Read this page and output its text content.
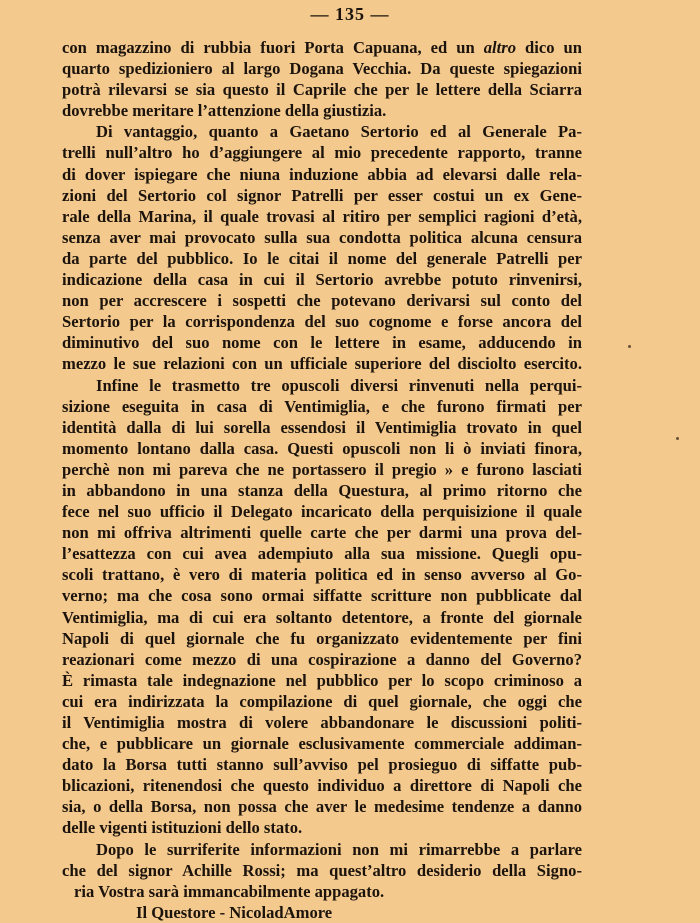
— 135 —
con magazzino di rubbia fuori Porta Capuana, ed un altro dico un
quarto spedizioniero al largo Dogana Vecchia. Da queste spiegazioni
potrà rilevarsi se sia questo il Caprile che per le lettere della Sciarra
dovrebbe meritare l’attenzione della giustizia.
Di vantaggio, quanto a Gaetano Sertorio ed al Generale Pa-
trelli null’altro ho d’aggiungere al mio precedente rapporto, tranne
di dover ispiegare che niuna induzione abbia ad elevarsi dalle rela-
zioni del Sertorio col signor Patrelli per esser costui un ex Gene-
rale della Marina, il quale trovasi al ritiro per semplici ragioni d’età,
senza aver mai provocato sulla sua condotta politica alcuna censura
da parte del pubblico. Io le citai il nome del generale Patrelli per
indicazione della casa in cui il Sertorio avrebbe potuto rinvenirsi,
non per accrescere i sospetti che potevano derivarsi sul conto del
Sertorio per la corrispondenza del suo cognome e forse ancora del
diminutivo del suo nome con le lettere in esame, adducendo in
mezzo le sue relazioni con un ufficiale superiore del disciolto esercito.
Infine le trasmetto tre opuscoli diversi rinvenuti nella perqui-
sizione eseguita in casa di Ventimiglia, e che furono firmati per
identità dalla di lui sorella essendosi il Ventimiglia trovato in quel
momento lontano dalla casa. Questi opuscoli non li ò inviati finora,
perchè non mi pareva che ne portassero il pregio » e furono lasciati
in abbandono in una stanza della Questura, al primo ritorno che
fece nel suo ufficio il Delegato incaricato della perquisizione il quale
non mi offriva altrimenti quelle carte che per darmi una prova del-
l’esattezza con cui avea adempiuto alla sua missione. Quegli opu-
scoli trattano, è vero di materia politica ed in senso avverso al Go-
verno; ma che cosa sono ormai siffatte scritture non pubblicate dal
Ventimiglia, ma di cui era soltanto detentore, a fronte del giornale
Napoli di quel giornale che fu organizzato evidentemente per fini
reazionari come mezzo di una cospirazione a danno del Governo?
È rimasta tale indegnazione nel pubblico per lo scopo criminoso a
cui era indirizzata la compilazione di quel giornale, che oggi che
il Ventimiglia mostra di volere abbandonare le discussioni politi-
che, e pubblicare un giornale esclusivamente commerciale addiman-
dato la Borsa tutti stanno sull’avviso pel prosieguo di siffatte pub-
blicazioni, ritenendosi che questo individuo a direttore di Napoli che
sia, o della Borsa, non possa che aver le medesime tendenze a danno
delle vigenti istituzioni dello stato.
Dopo le surriferite informazioni non mi rimarrebbe a parlare
che del signor Achille Rossi; ma quest’altro desiderio della Signo-
ria Vostra sarà immancabilmente appagato.
Il Questore - NicoladAmore
